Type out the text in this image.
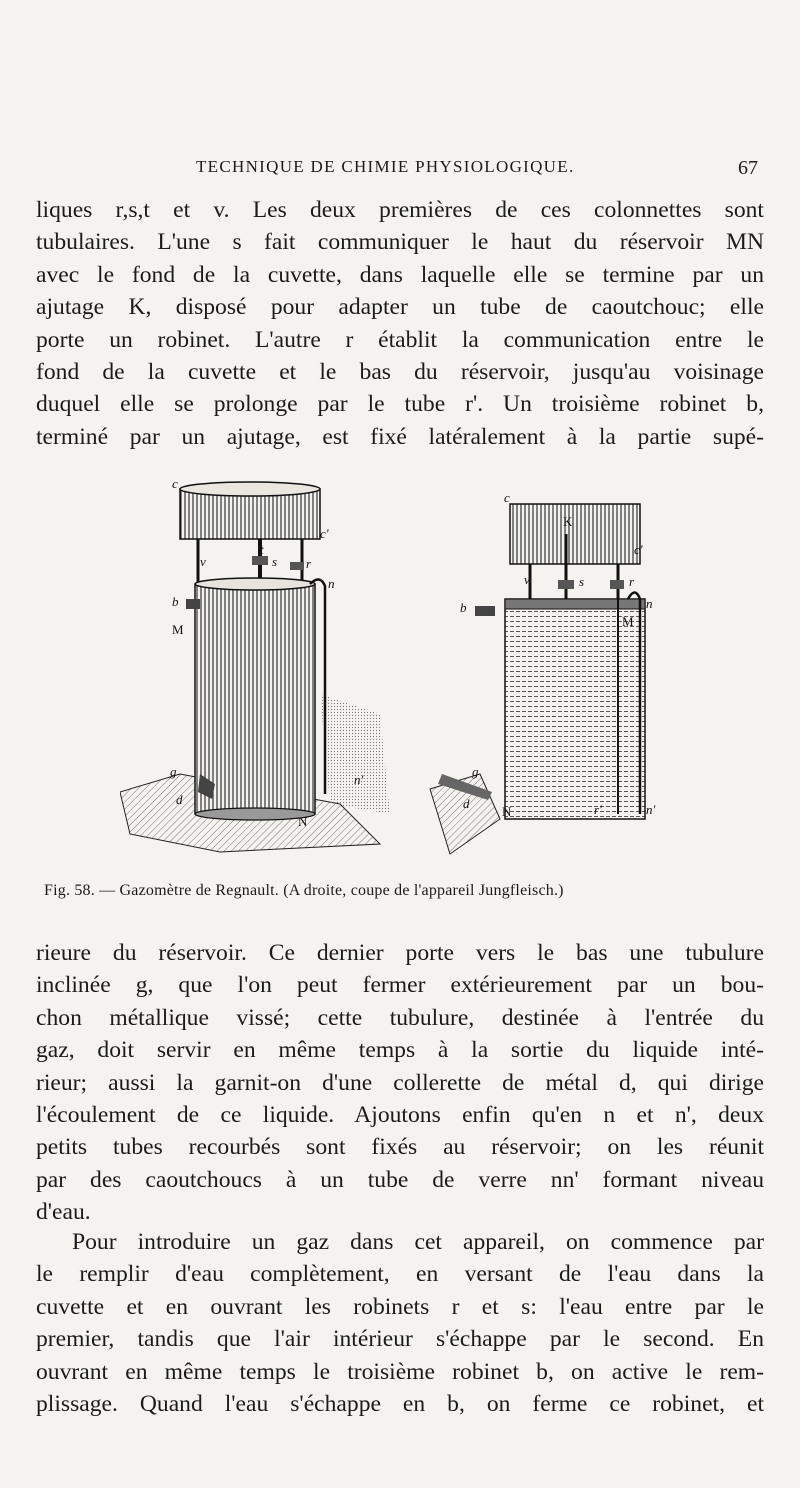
TECHNIQUE DE CHIMIE PHYSIOLOGIQUE.	67

liques r,s,t et v. Les deux premières de ces colonnettes sont
tubulaires. L'une s fait communiquer le haut du réservoir MN
avec le fond de la cuvette, dans laquelle elle se termine par un
ajutage K, disposé pour adapter un tube de caoutchouc; elle
porte un robinet. L'autre r établit la communication entre le
fond de la cuvette et le bas du réservoir, jusqu'au voisinage
duquel elle se prolonge par le tube r'. Un troisième robinet b,
terminé par un ajutage, est fixé latéralement à la partie supé-

c
c'
v
t
s r
n
b
M
g
d
n'
N
c
K
c'
v	s	r
b	n
M
g
d
N	r'	n'
Fig. 58. — Gazomètre de Regnault. (A droite, coupe de l'appareil Jungfleisch.)

rieure du réservoir. Ce dernier porte vers le bas une tubulure
inclinée g, que l'on peut fermer extérieurement par un bou-
chon métallique vissé; cette tubulure, destinée à l'entrée du
gaz, doit servir en même temps à la sortie du liquide inté-
rieur; aussi la garnit-on d'une collerette de métal d, qui dirige
l'écoulement de ce liquide. Ajoutons enfin qu'en n et n', deux
petits tubes recourbés sont fixés au réservoir; on les réunit
par des caoutchoucs à un tube de verre nn' formant niveau
d'eau.

Pour introduire un gaz dans cet appareil, on commence par
le remplir d'eau complètement, en versant de l'eau dans la
cuvette et en ouvrant les robinets r et s: l'eau entre par le
premier, tandis que l'air intérieur s'échappe par le second. En
ouvrant en même temps le troisième robinet b, on active le rem-
plissage. Quand l'eau s'échappe en b, on ferme ce robinet, et
